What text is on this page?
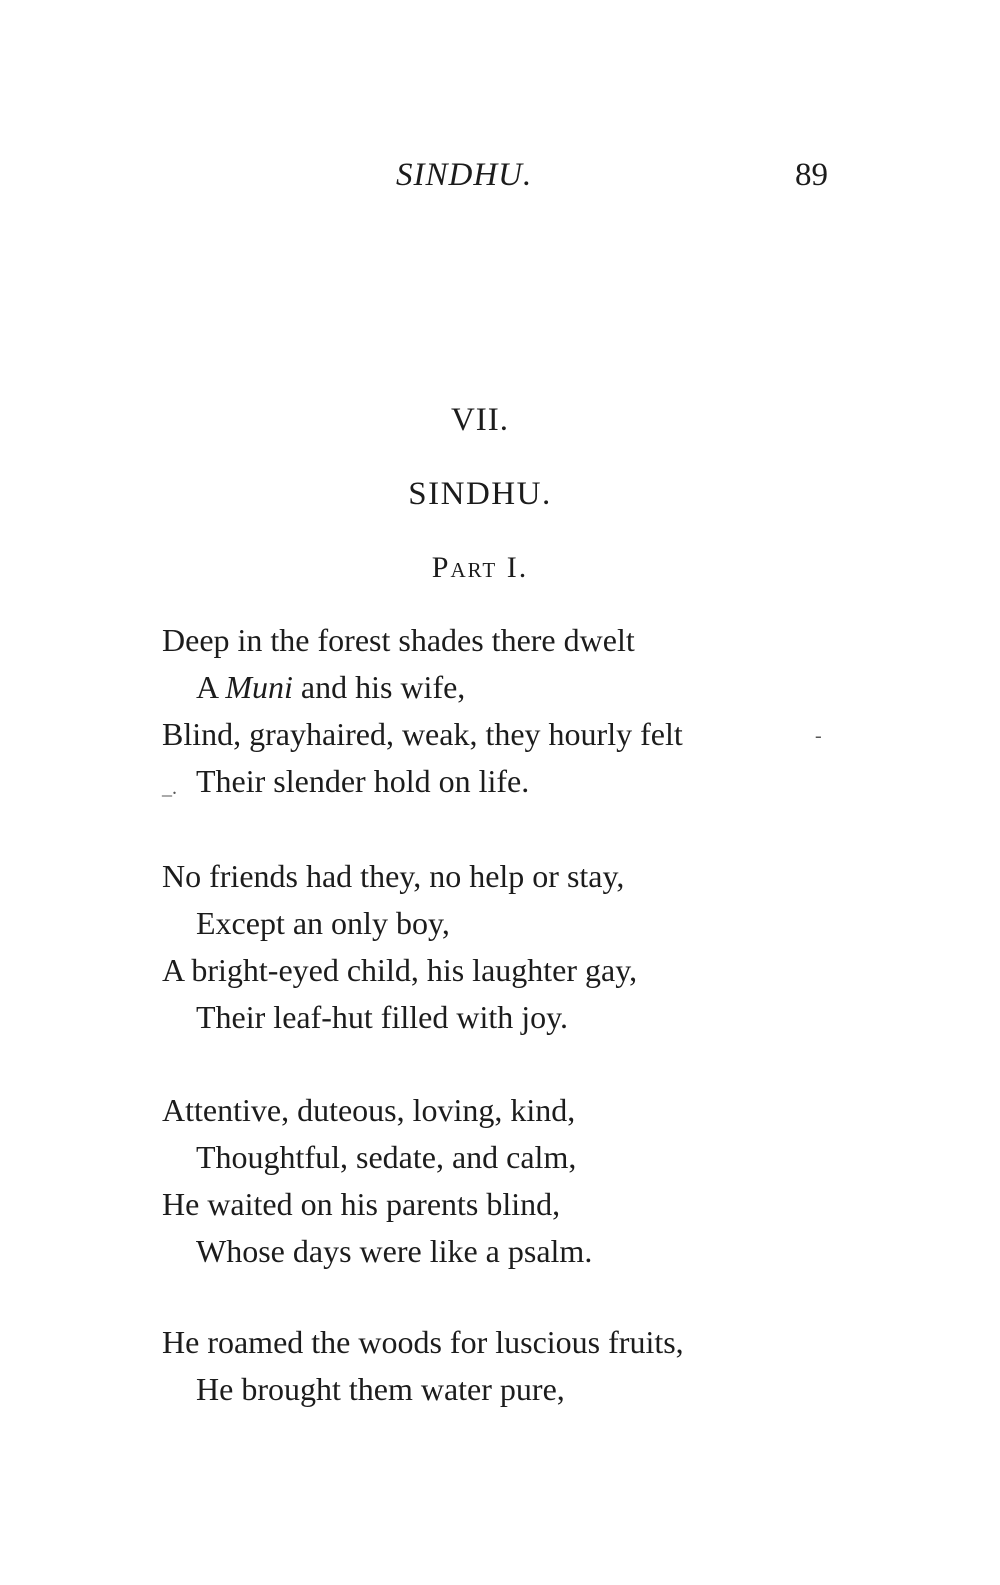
SINDHU.	89
VII.
SINDHU.
Part I.
Deep in the forest shades there dwelt
A Muni and his wife,
Blind, grayhaired, weak, they hourly felt
Their slender hold on life.
No friends had they, no help or stay,
Except an only boy,
A bright-eyed child, his laughter gay,
Their leaf-hut filled with joy.
Attentive, duteous, loving, kind,
Thoughtful, sedate, and calm,
He waited on his parents blind,
Whose days were like a psalm.
He roamed the woods for luscious fruits,
He brought them water pure,
-
_.
